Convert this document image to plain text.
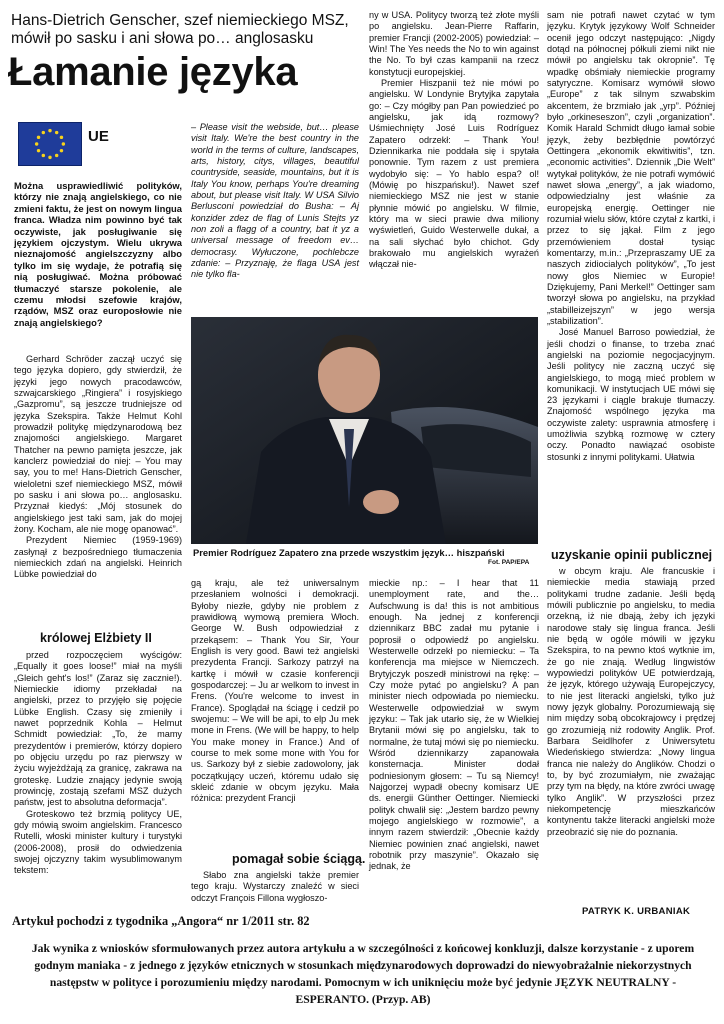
Hans-Dietrich Genscher, szef niemieckiego MSZ, mówił po sasku i ani słowa po… anglosasku
Łamanie języka
UE
Można usprawiedliwić polityków, którzy nie znają angielskiego, co nie zmieni faktu, że jest on nowym lingua franca. Władza nim powinno być tak oczywiste, jak posługiwanie się językiem ojczystym. Wielu ukrywa nieznajomość angielszczyzny albo tylko im się wydaje, że potrafią się nią posługiwać. Można próbować tłumaczyć starsze pokolenie, ale czemu młodsi szefowie krajów, rządów, MSZ oraz europosłowie nie znają angielskiego?

Gerhard Schröder zaczął uczyć się tego języka dopiero, gdy stwierdził, że języki jego nowych pracodawców, szwajcarskiego „Ringiera” i rosyjskiego „Gazpromu”, są jeszcze trudniejsze od języka Szekspira. Także Helmut Kohl prowadził politykę międzynarodową bez znajomości angielskiego. Margaret Thatcher na pewno pamięta jeszcze, jak kanclerz powiedział do niej: – You may say, you to me! Hans-Dietrich Genscher, wieloletni szef niemieckiego MSZ, mówił po sasku i ani słowa po… anglosasku. Przyznał kiedyś: „Mój stosunek do angielskiego jest taki sam, jak do mojej żony. Kocham, ale nie mogę opanować”.

Prezydent Niemiec (1959-1969) zasłynął z bezpośredniego tłumaczenia niemieckich zdań na angielski. Heinrich Lübke powiedział do

królowej Elżbiety II

przed rozpoczęciem wyścigów: „Equally it goes loose!” miał na myśli „Gleich geht's los!” (Zaraz się zacznie!). Niemieckie idiomy przekładał na angielski, przez to przyjęło się pojęcie Lübke English. Czasy się zmieniły i nawet poprzednik Kohla – Helmut Schmidt powiedział: „To, że mamy prezydentów i premierów, którzy dopiero po objęciu urzędu po raz pierwszy w życiu wyjeżdżają za granicę, zakrawa na groteskę. Ludzie znający jedynie swoją prowincję, zostają szefami MSZ dużych państw, jest to absolutna deformacja”.

Groteskowo też brzmią politycy UE, gdy mówią swoim angielskim. Francesco Rutelli, włoski minister kultury i turystyki (2006-2008), prosił do odwiedzenia swojej ojczyzny takim wysublimowanym tekstem:

– Please visit the webside, but… please visit Italy. We're the best country in the world in the terms of culture, landscapes, arts, history, citys, villages, beautiful countryside, seaside, mountains, but it is Italy You know, perhaps You're dreaming about, but please visit Italy. W USA Silvio Berlusconi powiedział do Busha: – Aj konzider zdez de flag of Lunis Stejts yz non zoli a flagg of a country, bat it yz a universal message of freedom ev… democrasy. Wyłuczone, pochlebcze zdanie: – Przyznaję, że flaga USA jest nie tylko fla-

ny w USA. Politycy tworzą też złote myśli po angielsku. Jean-Pierre Raffarin, premier Francji (2002-2005) powiedział: – Win! The Yes needs the No to win against the No. To był czas kampanii na rzecz konstytucji europejskiej.

Premier Hiszpanii też nie mówi po angielsku. W Londynie Brytyjka zapytała go: – Czy mógłby pan Pan powiedzieć po angielsku, jak idą rozmowy? Uśmiechnięty José Luis Rodríguez Zapatero odrzekł: – Thank You! Dziennikarka nie poddała się i spytała ponownie. Tym razem z ust premiera wydobyło się: – Yo hablo espa? ol! (Mówię po hiszpańsku!). Nawet szef niemieckiego MSZ nie jest w stanie płynnie mówić po angielsku. W filmie, który ma w sieci prawie dwa miliony wyświetleń, Guido Westerwelle dukał, a na sali słychać było chichot. Gdy brakowało mu angielskich wyrażeń włączał nie-

Premier Rodríguez Zapatero zna przede wszystkim język… hiszpański
Fot. PAP/EPA

sam nie potrafi nawet czytać w tym języku. Krytyk językowy Wolf Schneider ocenił jego odczyt następująco: „Nigdy dotąd na północnej półkuli ziemi nikt nie mówił po angielsku tak okropnie”. Tę wpadkę obśmiały niemieckie programy satyryczne. Komisarz wymówił słowo „Europe” z tak silnym szwabskim akcentem, że brzmiało jak „yrp”. Później było „orkineseszon”, czyli „organization”. Komik Harald Schmidt długo łamał sobie język, żeby bezbłędnie powtórzyć Oettingera „ekonomik ekwitiwitis”, tzn. „economic activities”. Dziennik „Die Welt” wytykał polityków, że nie potrafi wymówić nawet słowa „energy”, a jak wiadomo, odpowiedzialny jest właśnie za europejską energię. Oettinger nie rozumiał wielu słów, które czytał z kartki, i przez to się jąkał. Film z jego przemówieniem dostał tysiąc komentarzy, m.in.: „Przepraszamy UE za naszych zidiocialych polityków”, „To jest nowy głos Niemiec w Europie! Dziękujemy, Pani Merkel!” Oettinger sam tworzył słowa po angielsku, na przykład „stabilleizejszyn” w jego wersja „stabilization”.

José Manuel Barroso powiedział, że jeśli chodzi o finanse, to trzeba znać angielski na poziomie negocjacyjnym. Jeśli politycy nie zaczną uczyć się angielskiego, to mogą mieć problem w komunikacji. W instytucjach UE mówi się 23 językami i ciągle brakuje tłumaczy. Znajomość wspólnego języka ma oczywiste zalety: usprawnia atmosferę i umożliwia szybką rozmowę w cztery oczy. Ponadto nawiązać osobiste stosunki z innymi politykami. Ułatwia

uzyskanie opinii publicznej

w obcym kraju. Ale francuskie i niemieckie media stawiają przed politykami trudne zadanie. Jeśli będą mówili publicznie po angielsku, to media orzekną, iż nie dbają, żeby ich języki narodowe stały się lingua franca. Jeśli nie będą w ogóle mówili w języku Szekspira, to na pewno ktoś wytknie im, że go nie znają. Według lingwistów wypowiedzi polityków UE potwierdzają, że język, którego używają Europejczycy, to nie jest literacki angielski, tylko już nowy język globalny. Porozumiewają się nim między sobą obcokrajowcy i prędzej go zrozumieją niż rodowity Anglik. Prof. Barbara Seidlhofer z Uniwersytetu Wiedeńskiego stwierdza: „Nowy lingua franca nie należy do Anglików. Chodzi o to, by być zrozumiałym, nie zważając przy tym na błędy, na które zwróci uwagę tylko Anglik”. W przyszłości przez niekompetencję mieszkańców kontynentu także literacki angielski może przeobrazić się nie do poznania.

gą kraju, ale też uniwersalnym przesłaniem wolności i demokracji. Byłoby niezłe, gdyby nie problem z prawidłową wymową premiera Włoch. George W. Bush odpowiedział z przekąsem: – Thank You Sir, Your English is very good. Bawi też angielski prezydenta Francji. Sarkozy patrzył na kartkę i mówił w czasie konferencji gospodarczej: – Ju ar welkom to invest in Frens. (You're welcome to invest in France). Spoglądał na ściągę i cedził po swojemu: – We will be api, to elp Ju mek mone in Frens. (We will be happy, to help You make money in France.) And of course to mek some mone with You for us. Sarkozy był z siebie zadowolony, jak początkujący uczeń, któremu udało się skleić zdanie w obcym języku. Mała różnica: prezydent Francji

pomagał sobie ściągą.

Słabo zna angielski także premier tego kraju. Wystarczy znaleźć w sieci odczyt François Fillona wygłoszo-

mieckie np.: – I hear that 11 unemployment rate, and the… Aufschwung is da! this is not ambitious enough. Na jednej z konferencji dziennikarz BBC zadał mu pytanie i poprosił o odpowiedź po angielsku. Westerwelle odrzekł po niemiecku: – Ta konferencja ma miejsce w Niemczech. Brytyjczyk poszedł ministrowi na rękę: – Czy może pytać po angielsku? A pan minister niech odpowiada po niemiecku. Westerwelle odpowiedział w swym języku: – Tak jak utarło się, że w Wielkiej Brytanii mówi się po angielsku, tak to normalne, że tutaj mówi się po niemiecku. Wśród dziennikarzy zapanowała konsternacja. Minister dodał podniesionym głosem: – Tu są Niemcy! Najgorzej wypadł obecny komisarz UE ds. energii Günther Oettinger. Niemiecki polityk chwalił się: „Jestem bardzo pewny mojego angielskiego w rozmowie”, a innym razem stwierdził: „Obecnie każdy Niemiec powinien znać angielski, nawet robotnik przy maszynie”. Okazało się jednak, że

PATRYK K. URBANIAK
Artykuł pochodzi z tygodnika „Angora“ nr 1/2011 str. 82
Jak wynika z wniosków sformułowanych przez autora artykułu a w szczególności z końcowej konkluzji, dalsze korzystanie - z uporem godnym maniaka - z jednego z języków etnicznych w stosunkach międzynarodowych doprowadzi do niewyobrażalnie niekorzystnych następstw w polityce i porozumieniu między narodami. Pomocnym w ich uniknięciu może być jedynie JĘZYK NEUTRALNY - ESPERANTO. (Przyp. AB)
